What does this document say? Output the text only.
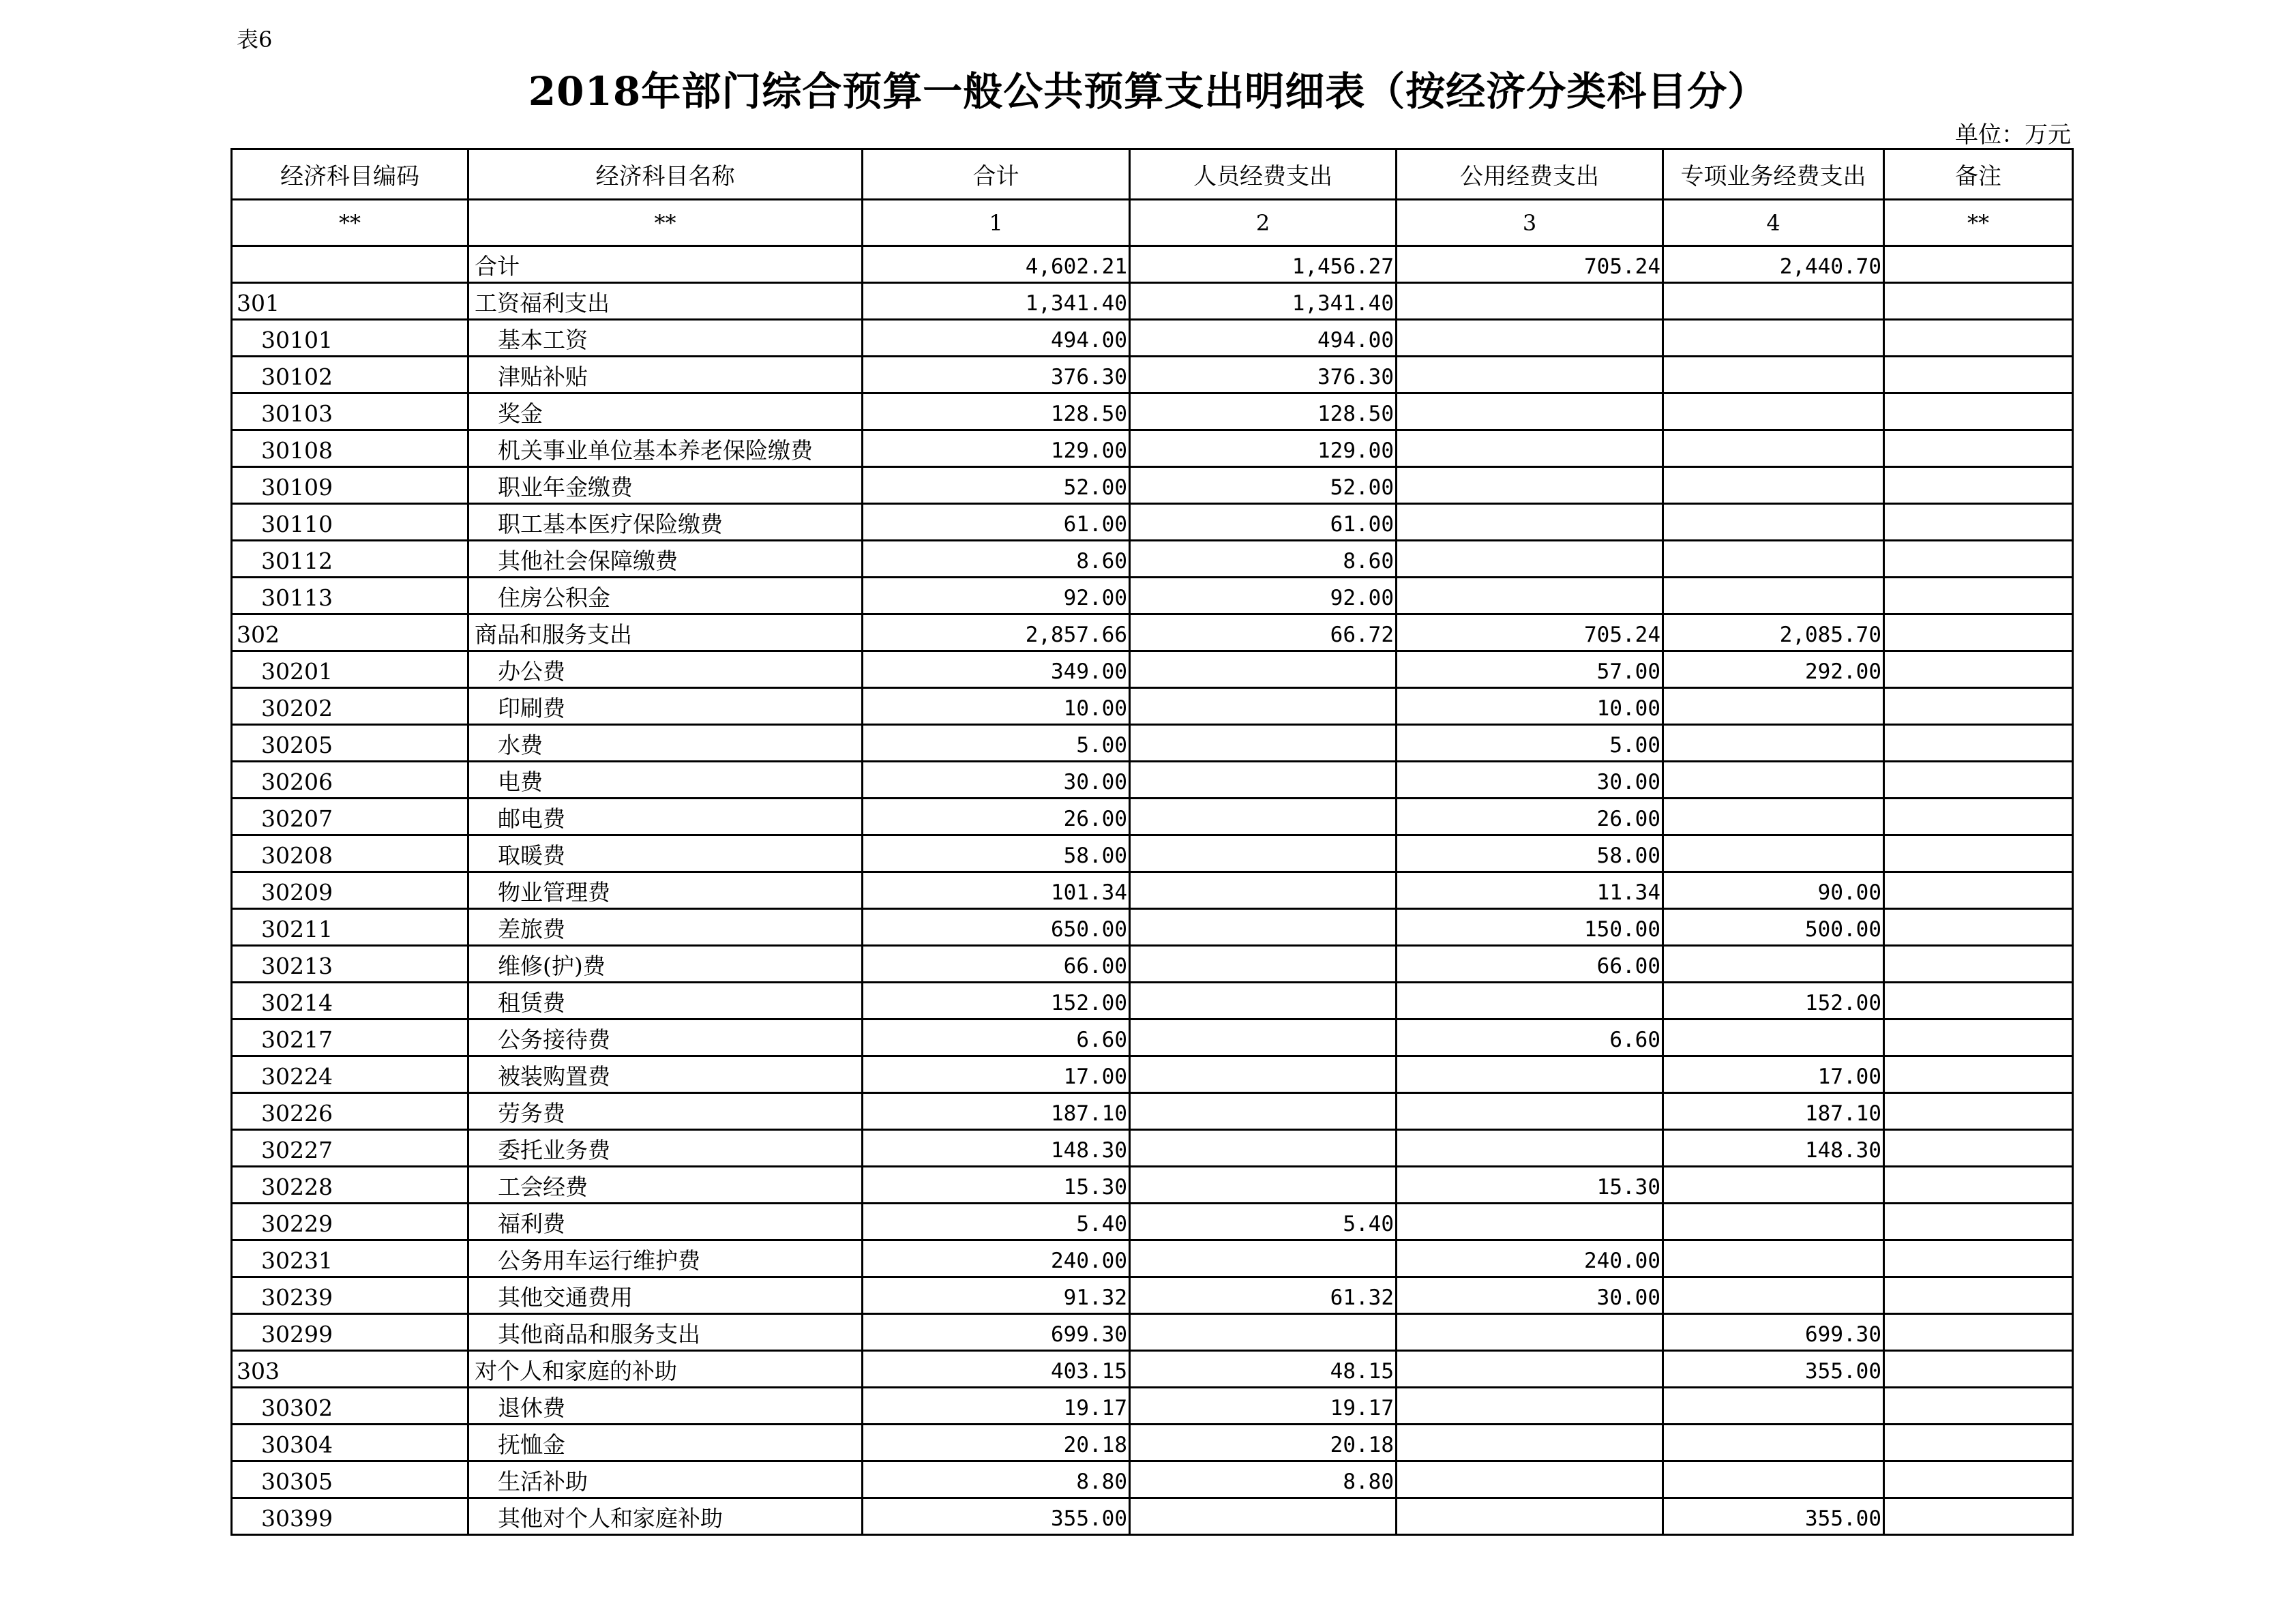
表6
2018年部门综合预算一般公共预算支出明细表（按经济分类科目分）
单位：万元
经济科目编码	经济科目名称	合计	人员经费支出	公用经费支出	专项业务经费支出	备注
**	**	1	2	3	4	**
	合计	4,602.21	1,456.27	705.24	2,440.70	
301	工资福利支出	1,341.40	1,341.40			
30101	基本工资	494.00	494.00			
30102	津贴补贴	376.30	376.30			
30103	奖金	128.50	128.50			
30108	机关事业单位基本养老保险缴费	129.00	129.00			
30109	职业年金缴费	52.00	52.00			
30110	职工基本医疗保险缴费	61.00	61.00			
30112	其他社会保障缴费	8.60	8.60			
30113	住房公积金	92.00	92.00			
302	商品和服务支出	2,857.66	66.72	705.24	2,085.70	
30201	办公费	349.00		57.00	292.00	
30202	印刷费	10.00		10.00		
30205	水费	5.00		5.00		
30206	电费	30.00		30.00		
30207	邮电费	26.00		26.00		
30208	取暖费	58.00		58.00		
30209	物业管理费	101.34		11.34	90.00	
30211	差旅费	650.00		150.00	500.00	
30213	维修(护)费	66.00		66.00		
30214	租赁费	152.00			152.00	
30217	公务接待费	6.60		6.60		
30224	被装购置费	17.00			17.00	
30226	劳务费	187.10			187.10	
30227	委托业务费	148.30			148.30	
30228	工会经费	15.30		15.30		
30229	福利费	5.40	5.40			
30231	公务用车运行维护费	240.00		240.00		
30239	其他交通费用	91.32	61.32	30.00		
30299	其他商品和服务支出	699.30			699.30	
303	对个人和家庭的补助	403.15	48.15		355.00	
30302	退休费	19.17	19.17			
30304	抚恤金	20.18	20.18			
30305	生活补助	8.80	8.80			
30399	其他对个人和家庭补助	355.00			355.00	
